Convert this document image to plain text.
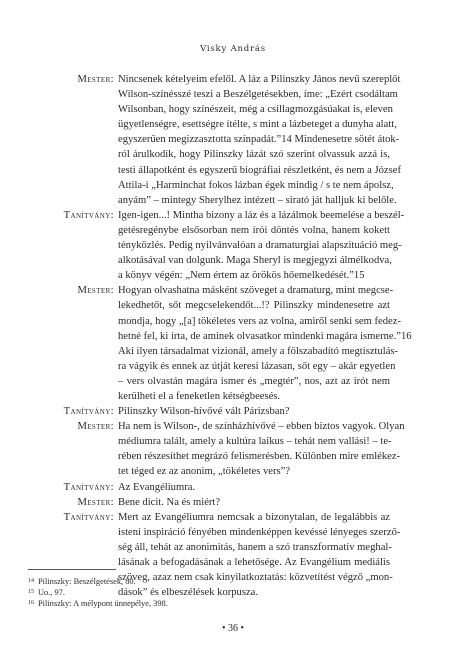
Visky András
Mester: Nincsenek kételyeim efelől. A láz a Pilinszky János nevű szereplőt
Wilson-színésszé teszi a Beszélgetésekben, íme: „Ezért csodáltam
Wilsonban, hogy színészeit, még a csillagmozgásúakat is, eleven
ügyetlenségre, esettségre ítélte, s mint a lázbeteget a dunyha alatt,
egyszerűen megizzasztotta színpadát.”14 Mindenesetre sötét átok-
ról árulkodik, hogy Pilinszky lázát szó szerint olvassuk azzá is,
testi állapotként és egyszerű biográfiai részletként, és nem a József
Attila-i „Harminchat fokos lázban égek mindig / s te nem ápolsz,
anyám” – mintegy Sherylhez intézett – sirató ját halljuk ki belőle.
Tanítvány: Igen-igen...! Mintha bizony a láz és a lázálmok beemelése a beszél-
getésregénybe elsősorban nem írói döntés volna, hanem kokett
tényközlés. Pedig nyilvánvalóan a dramaturgiai alapszituáció meg-
alkotásával van dolgunk. Maga Sheryl is megjegyzi álmélkodva,
a könyv végén: „Nem értem az örökös hőemelkedését.”15
Mester: Hogyan olvashatna másként szöveget a dramaturg, mint megcse-
lekedhetőt, sőt megcselekendőt...!? Pilinszky mindenesetre azt
mondja, hogy „[a] tökéletes vers az volna, amiről senki sem fedez-
hetné fel, ki írta, de aminek olvasatkor mindenki magára ismerne.”16
Aki ilyen társadalmat vizionál, amely a fölszabadító megtisztulás-
ra vágyik és ennek az útját keresi lázasan, sőt egy – akár egyetlen
– vers olvastán magára ismer és „megtér”, nos, azt az írót nem
kerülheti el a feneketlen kétségbeesés.
Tanítvány: Pilinszky Wilson-hívővé vált Párizsban?
Mester: Ha nem is Wilson-, de színházhívővé – ebben biztos vagyok. Olyan
médiumra talált, amely a kultúra laikus – tehát nem vallási! – te-
rében részesíthet megrázó felismerésben. Különben mire emlékez-
tet téged ez az anonim, „tökéletes vers”?
Tanítvány: Az Evangéliumra.
Mester: Bene dicit. Na és miért?
Tanítvány: Mert az Evangéliumra nemcsak a bizonytalan, de legalábbis az
isteni inspiráció fényében mindenképpen kevéssé lényeges szerző-
ség áll, tehát az anonimitás, hanem a szó transzformatív meghal-
lásának a befogadásának a lehetősége. Az Evangélium mediális
szöveg, azaz nem csak kinyilatkoztatás: közvetítést végző „mon-
dások” és elbeszélések korpusza.
14 Pilinszky: Beszélgetések, 80.
15 Uo., 97.
16 Pilinszky: A mélypont ünnepélye, 398.
• 36 •
